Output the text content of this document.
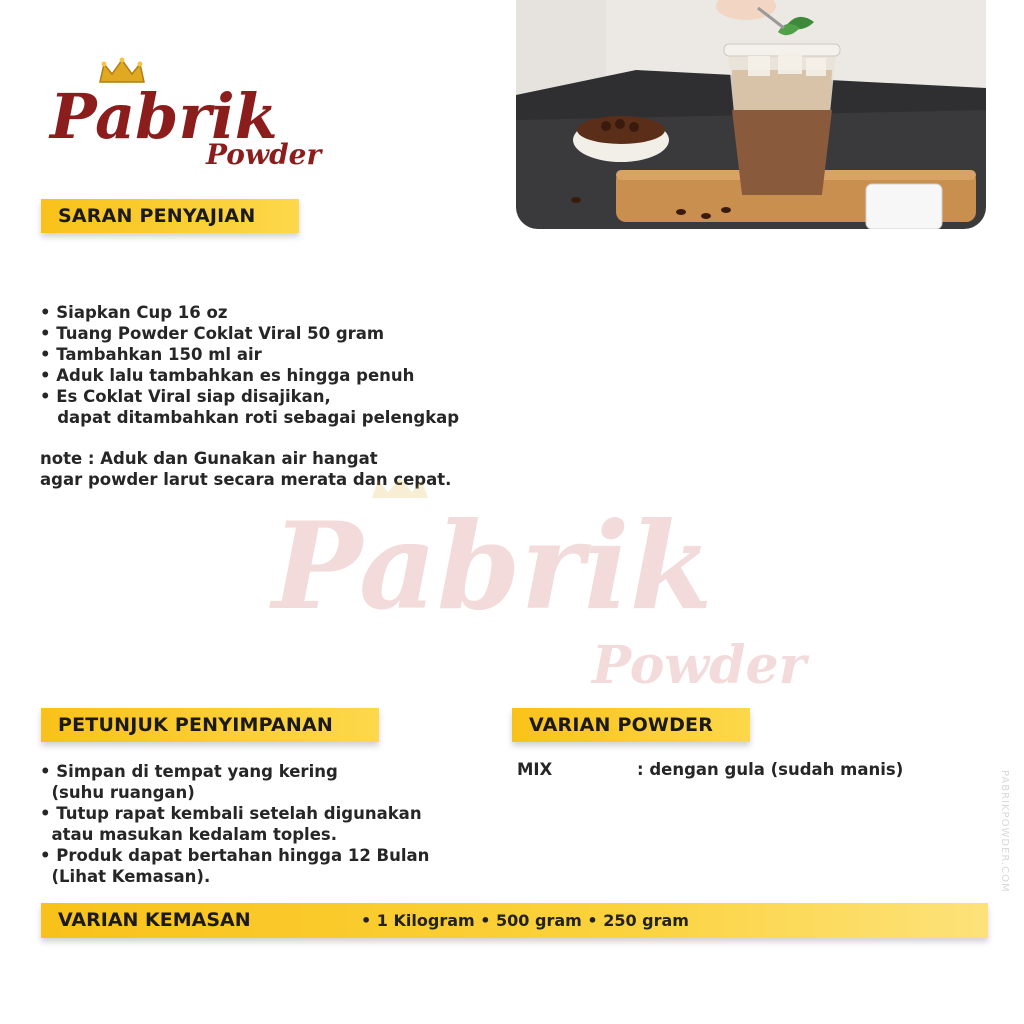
Pabrik
Powder
SARAN PENYAJIAN
• Siapkan Cup 16 oz
• Tuang Powder Coklat Viral 50 gram
• Tambahkan 150 ml air
• Aduk lalu tambahkan es hingga penuh
• Es Coklat Viral siap disajikan,
dapat ditambahkan roti sebagai pelengkap
note : Aduk dan Gunakan air hangat
agar powder larut secara merata dan cepat.
Pabrik
Powder
PETUNJUK PENYIMPANAN
• Simpan di tempat yang kering
(suhu ruangan)
• Tutup rapat kembali setelah digunakan
atau masukan kedalam toples.
• Produk dapat bertahan hingga 12 Bulan
(Lihat Kemasan).
VARIAN POWDER
MIX	: dengan gula (sudah manis)
VARIAN KEMASAN	• 1 Kilogram • 500 gram • 250 gram
PABRIKPOWDER.COM
